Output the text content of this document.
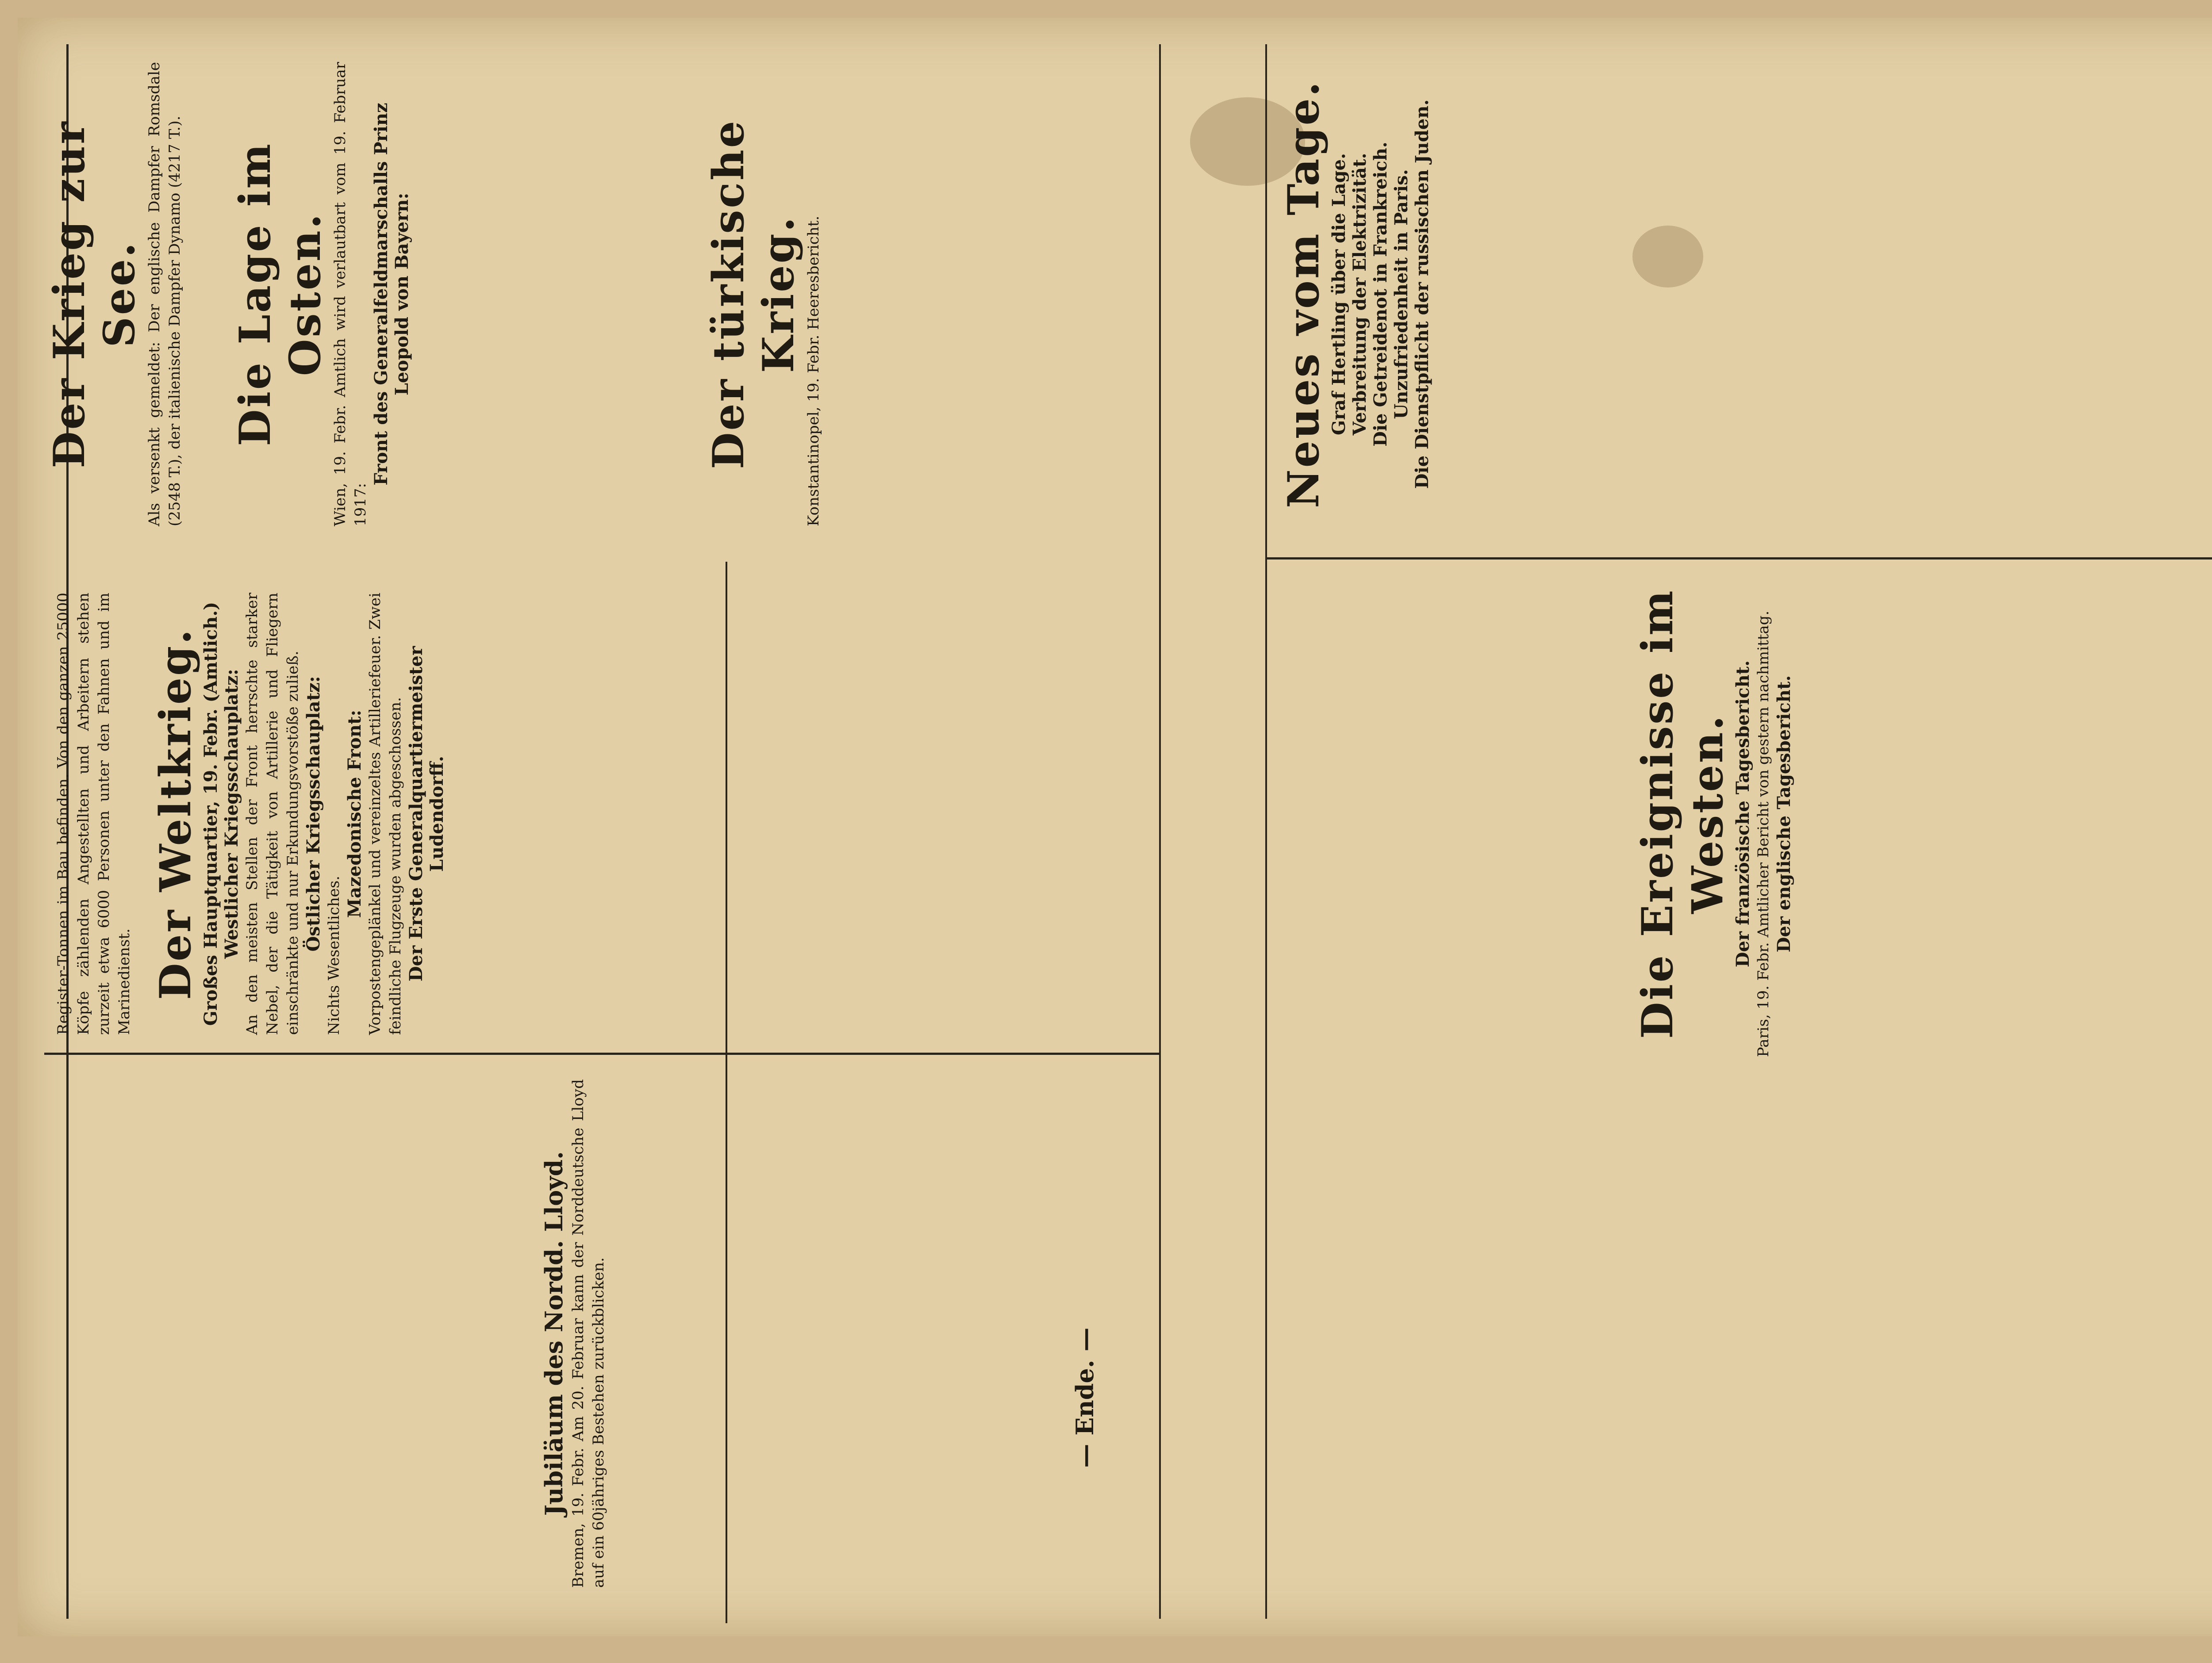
Register-Tonnen im Bau befinden. Von den ganzen 25000 Köpfe zählenden Angestellten und Arbeitern stehen zurzeit etwa 6000 Personen unter den Fahnen und im Marinedienst. Der Weltkrieg. Großes Hauptquartier, 19. Febr. (Amtlich.) Westlicher Kriegsschauplatz: An den meisten Stellen der Front herrschte starker Nebel, der die Tätigkeit von Artillerie und Fliegern einschränkte und nur Erkundungsvorstöße zuließ. Östlicher Kriegsschauplatz:
Nichts Wesentliches.
Mazedonische Front: Vorpostengeplänkel und vereinzeltes Artilleriefeuer. Zwei feindliche Flugzeuge wurden abgeschossen. Der Erste Generalquartiermeister Ludendorff.
Jubiläum des Nordd. Lloyd. Bremen, 19. Febr. Am 20. Februar kann der Norddeutsche Lloyd auf ein 60jähriges Bestehen zurückblicken.	— Ende. —
Die Ereignisse im Westen. Der französische Tagesbericht. Paris, 19. Febr. Amtlicher Bericht von gestern nachmittag. Der englische Tagesbericht.
Der Krieg zur See. Als versenkt gemeldet: Der englische Dampfer Romsdale (2548 T.), der italienische Dampfer Dynamo (4217 T.). Die Lage im Osten. Wien, 19. Febr. Amtlich wird verlautbart vom 19. Februar 1917:
Front des Generalfeldmarschalls Prinz Leopold von Bayern:	Der türkische Krieg. Konstantinopel, 19. Febr. Heeresbericht.	Neues vom Tage. Graf Hertling über die Lage. Verbreitung der Elektrizität. Die Getreidenot in Frankreich. Unzufriedenheit in Paris. Die Dienstpflicht der russischen Juden.
